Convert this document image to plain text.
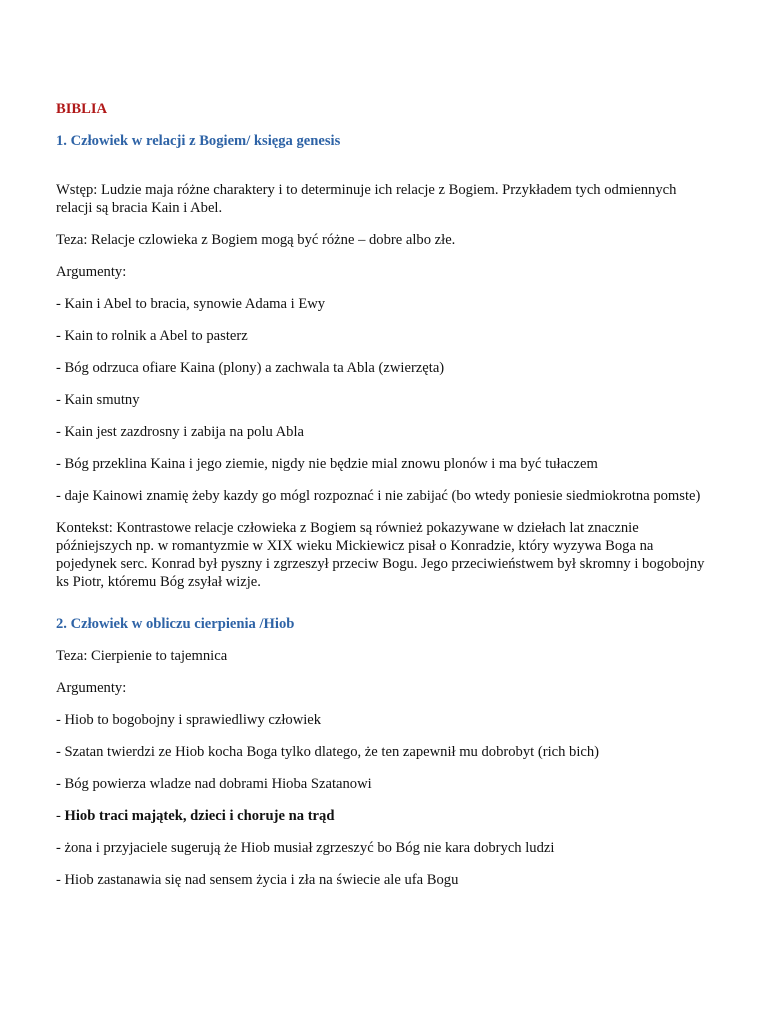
BIBLIA
1. Człowiek w relacji z Bogiem/ księga genesis

Wstęp: Ludzie maja różne charaktery i to determinuje ich relacje z Bogiem. Przykładem tych odmiennych relacji są bracia Kain i Abel.

Teza: Relacje czlowieka z Bogiem mogą być różne – dobre albo złe.

Argumenty:

- Kain i Abel to bracia, synowie Adama i Ewy

- Kain to rolnik a Abel to pasterz

- Bóg odrzuca ofiare Kaina (plony) a zachwala ta Abla (zwierzęta)

- Kain smutny

- Kain jest zazdrosny i zabija na polu Abla

- Bóg przeklina Kaina i jego ziemie, nigdy nie będzie mial znowu plonów i ma być tułaczem

- daje Kainowi znamię żeby kazdy go mógl rozpoznać i nie zabijać (bo wtedy poniesie siedmiokrotna pomste)

Kontekst: Kontrastowe relacje człowieka z Bogiem są również pokazywane w dziełach lat znacznie późniejszych np. w romantyzmie w XIX wieku Mickiewicz pisał o Konradzie, który wyzywa Boga na pojedynek serc. Konrad był pyszny i zgrzeszył przeciw Bogu. Jego przeciwieństwem był skromny i bogobojny ks Piotr, któremu Bóg zsyłał wizje.

2. Człowiek w obliczu cierpienia /Hiob

Teza: Cierpienie to tajemnica

Argumenty:

- Hiob to bogobojny i sprawiedliwy człowiek

- Szatan twierdzi ze Hiob kocha Boga tylko dlatego, że ten zapewnił mu dobrobyt (rich bich)

- Bóg powierza wladze nad dobrami Hioba Szatanowi

- Hiob traci majątek, dzieci i choruje na trąd

- żona i przyjaciele sugerują że Hiob musiał zgrzeszyć bo Bóg nie kara dobrych ludzi

- Hiob zastanawia się nad sensem życia i zła na świecie ale ufa Bogu
